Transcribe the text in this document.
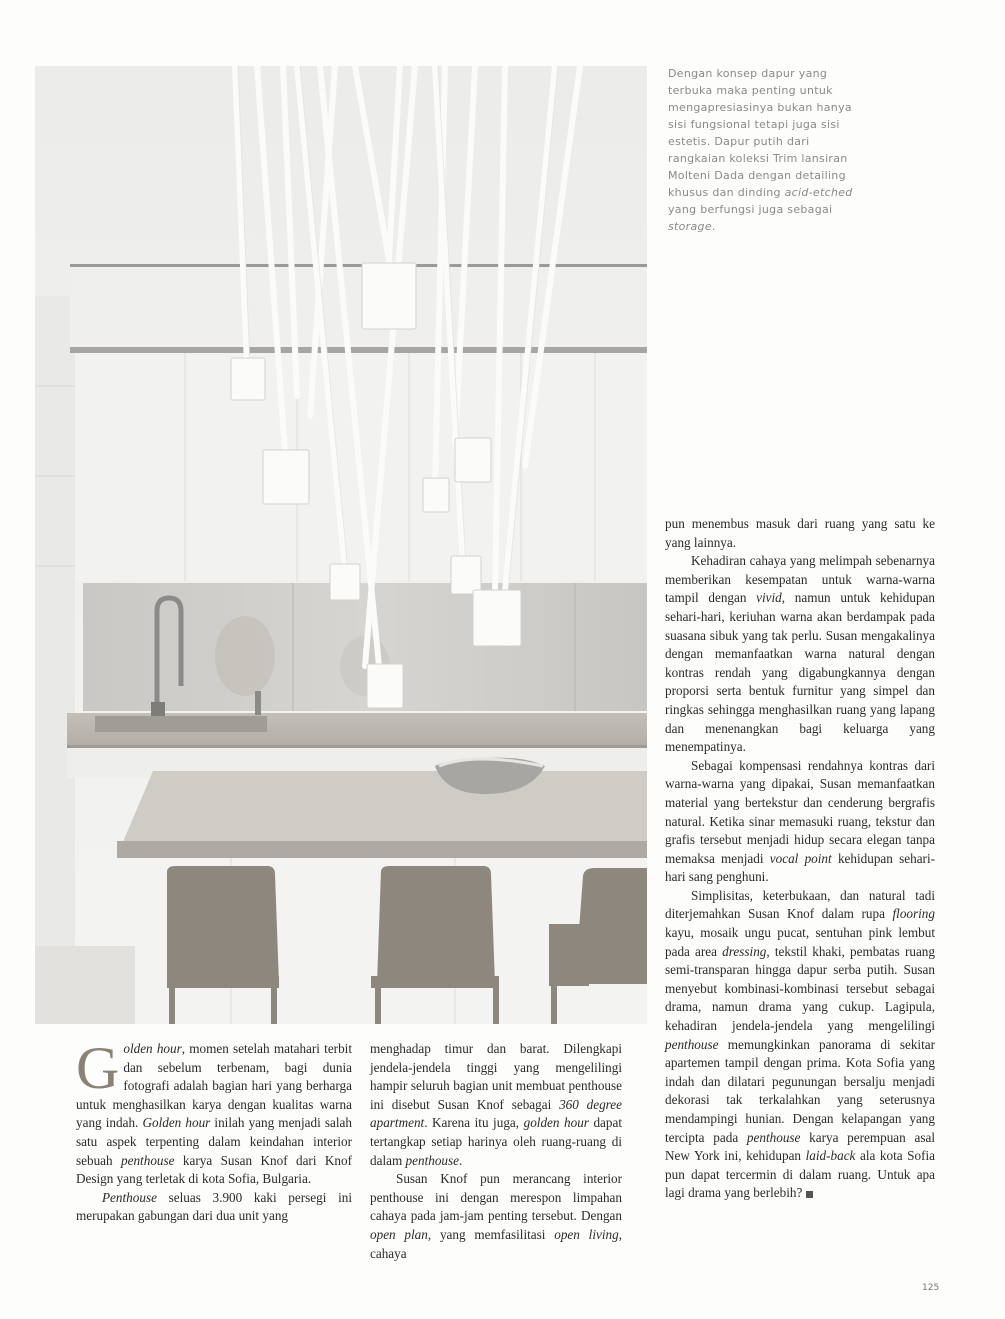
Dengan konsep dapur yang terbuka maka penting untuk mengapresiasinya bukan hanya sisi fungsional tetapi juga sisi estetis. Dapur putih dari rangkaian koleksi Trim lansiran Molteni Dada dengan detailing khusus dan dinding acid-etched yang berfungsi juga sebagai storage.
G olden hour, momen setelah matahari terbit dan sebelum terbenam, bagi dunia fotografi adalah bagian hari yang berharga untuk menghasilkan karya dengan kualitas warna yang indah. Golden hour inilah yang menjadi salah satu aspek terpenting dalam keindahan interior sebuah penthouse karya Susan Knof dari Knof Design yang terletak di kota Sofia, Bulgaria.

Penthouse seluas 3.900 kaki persegi ini merupakan gabungan dari dua unit yang

menghadap timur dan barat. Dilengkapi jendela-jendela tinggi yang mengelilingi hampir seluruh bagian unit membuat penthouse ini disebut Susan Knof sebagai 360 degree apartment. Karena itu juga, golden hour dapat tertangkap setiap harinya oleh ruang-ruang di dalam penthouse.

Susan Knof pun merancang interior penthouse ini dengan merespon limpahan cahaya pada jam-jam penting tersebut. Dengan open plan, yang memfasilitasi open living, cahaya

pun menembus masuk dari ruang yang satu ke yang lainnya.

Kehadiran cahaya yang melimpah sebenarnya memberikan kesempatan untuk warna-warna tampil dengan vivid, namun untuk kehidupan sehari-hari, keriuhan warna akan berdampak pada suasana sibuk yang tak perlu. Susan mengakalinya dengan memanfaatkan warna natural dengan kontras rendah yang digabungkannya dengan proporsi serta bentuk furnitur yang simpel dan ringkas sehingga menghasilkan ruang yang lapang dan menenangkan bagi keluarga yang menempatinya.

Sebagai kompensasi rendahnya kontras dari warna-warna yang dipakai, Susan memanfaatkan material yang bertekstur dan cenderung bergrafis natural. Ketika sinar memasuki ruang, tekstur dan grafis tersebut menjadi hidup secara elegan tanpa memaksa menjadi vocal point kehidupan sehari-hari sang penghuni.

Simplisitas, keterbukaan, dan natural tadi diterjemahkan Susan Knof dalam rupa flooring kayu, mosaik ungu pucat, sentuhan pink lembut pada area dressing, tekstil khaki, pembatas ruang semi-transparan hingga dapur serba putih. Susan menyebut kombinasi-kombinasi tersebut sebagai drama, namun drama yang cukup. Lagipula, kehadiran jendela-jendela yang mengelilingi penthouse memungkinkan panorama di sekitar apartemen tampil dengan prima. Kota Sofia yang indah dan dilatari pegunungan bersalju menjadi dekorasi tak terkalahkan yang seterusnya mendampingi hunian. Dengan kelapangan yang tercipta pada penthouse karya perempuan asal New York ini, kehidupan laid-back ala kota Sofia pun dapat tercermin di dalam ruang. Untuk apa lagi drama yang berlebih?

125
